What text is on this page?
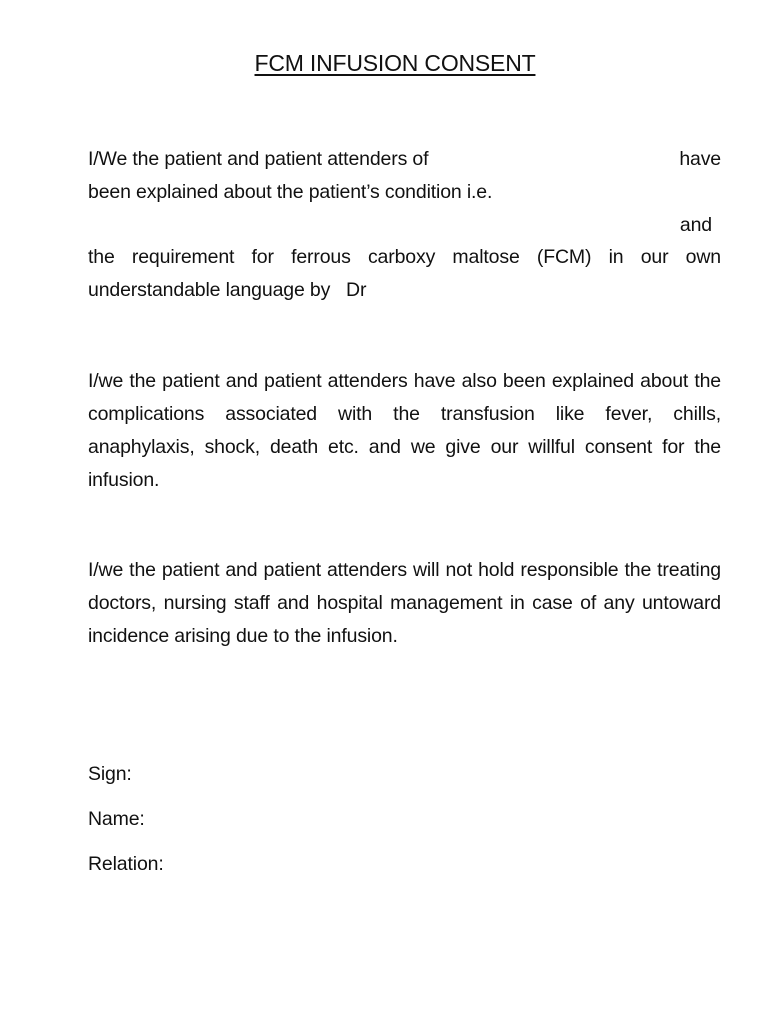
FCM INFUSION CONSENT
I/We the patient and patient attenders of	have
been explained about the patient’s condition i.e.
and
the requirement for ferrous carboxy maltose (FCM) in our own understandable language by   Dr
I/we the patient and patient attenders have also been explained about the complications associated with the transfusion like fever, chills, anaphylaxis, shock, death etc. and we give our willful consent for the infusion.
I/we the patient and patient attenders will not hold responsible the treating doctors, nursing staff and hospital management in case of any untoward incidence arising due to the infusion.
Sign:
Name:
Relation:
